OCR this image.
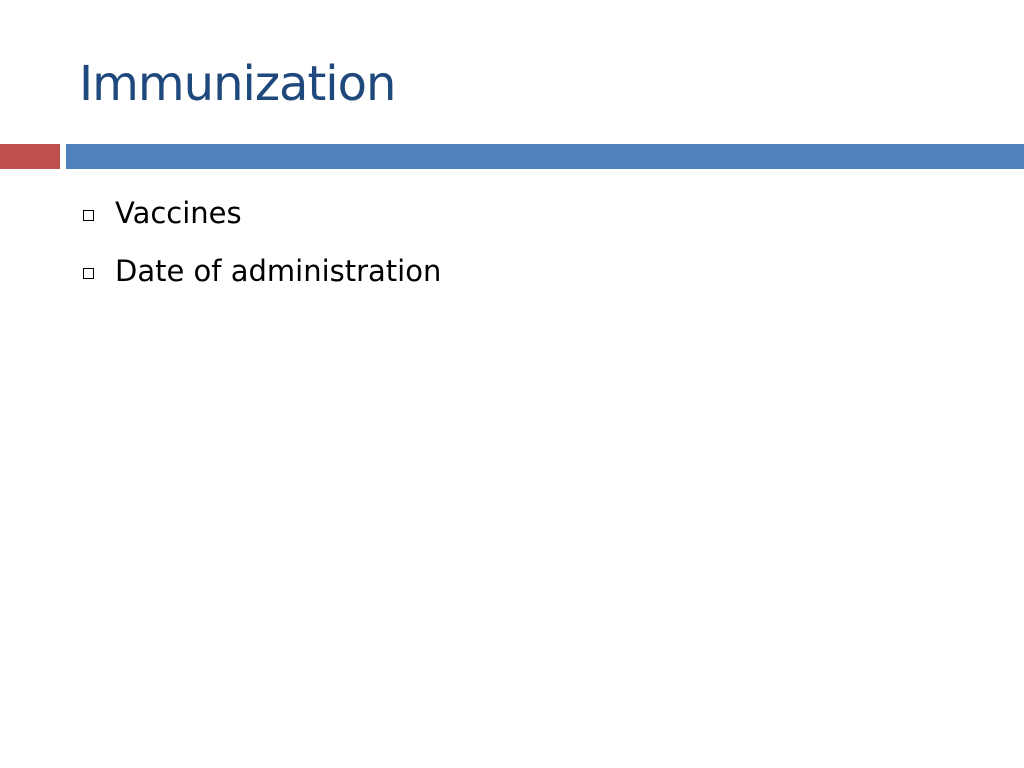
Immunization
Vaccines
Date of administration
